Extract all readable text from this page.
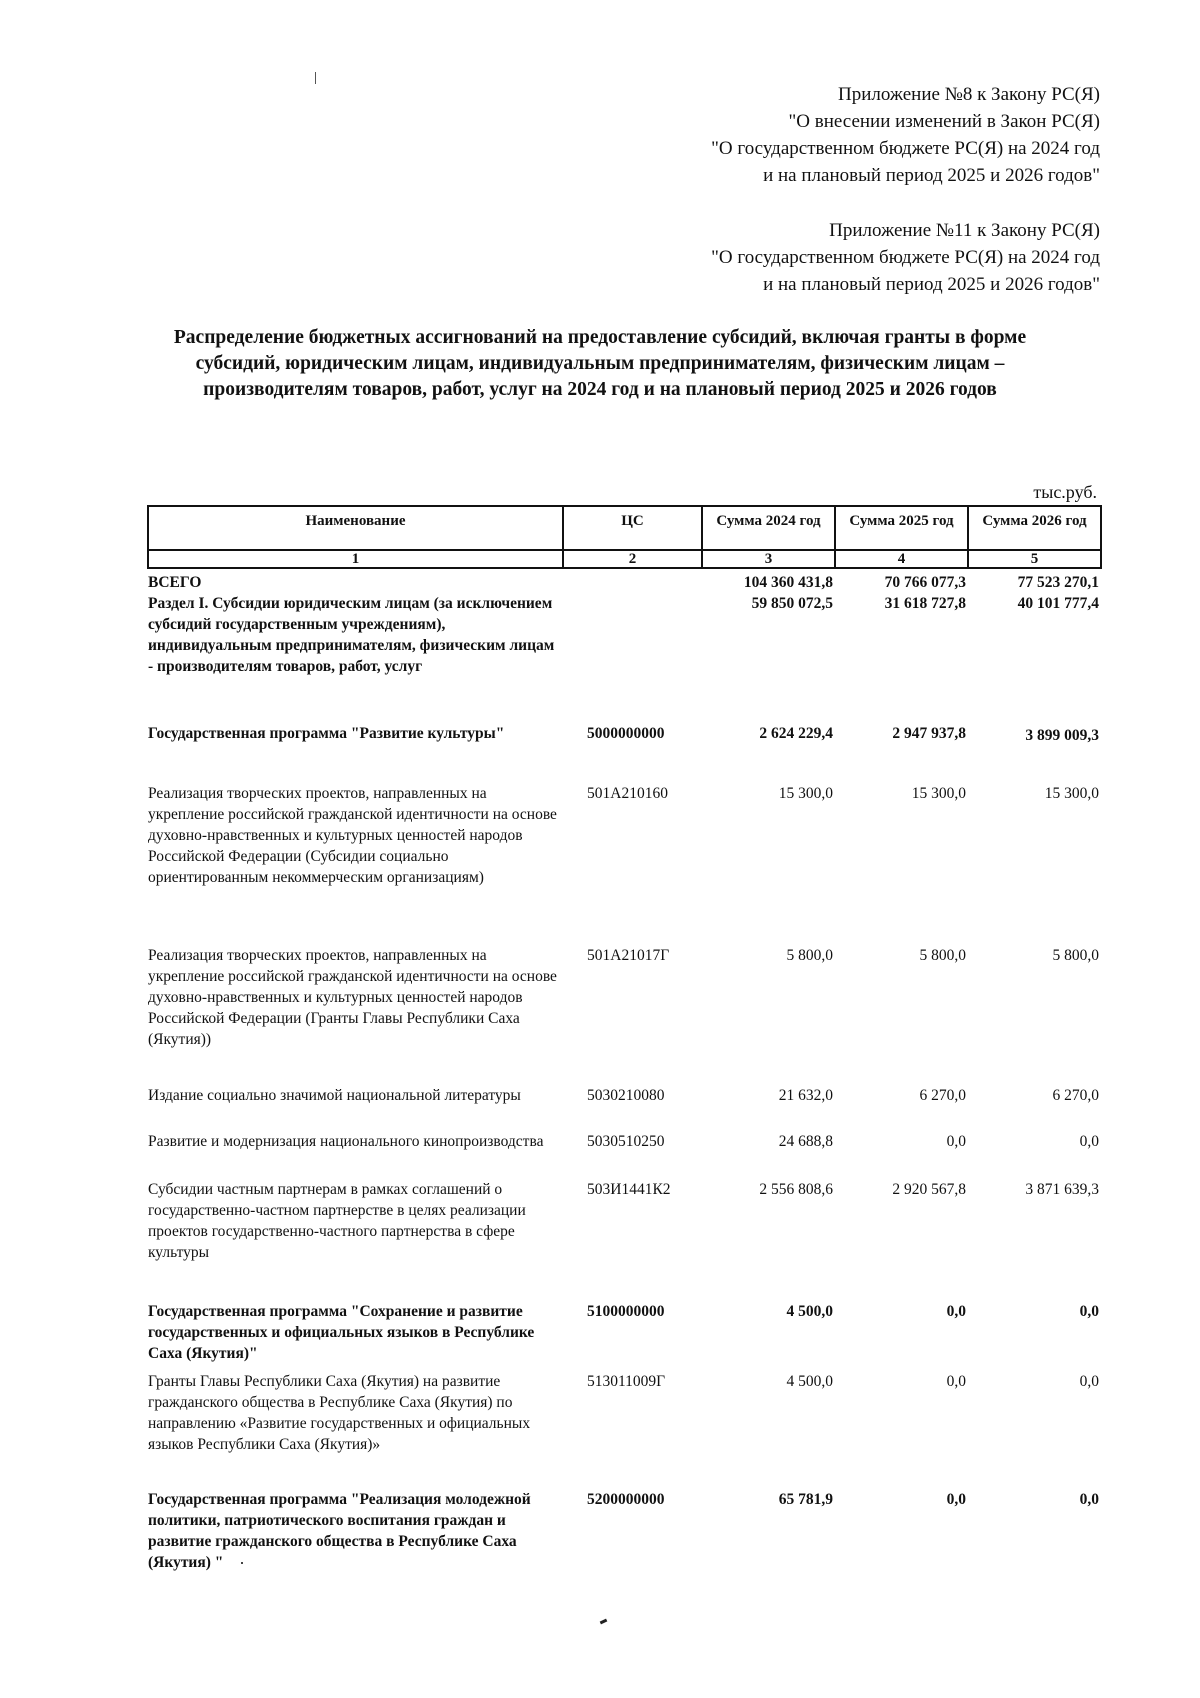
Приложение №8 к Закону РС(Я)
"О внесении изменений в Закон РС(Я)
"О государственном бюджете РС(Я) на 2024 год
и на плановый период 2025 и 2026 годов"
Приложение №11 к Закону РС(Я)
"О государственном бюджете РС(Я) на 2024 год
и на плановый период 2025 и 2026 годов"
Распределение бюджетных ассигнований на предоставление субсидий, включая гранты в форме
субсидий, юридическим лицам, индивидуальным предпринимателям, физическим лицам –
производителям товаров, работ, услуг на 2024 год и на плановый период 2025 и 2026 годов
тыс.руб.
Наименование	ЦС	Сумма 2024 год	Сумма 2025 год	Сумма 2026 год
1	2	3	4	5
ВСЕГО		104 360 431,8	70 766 077,3	77 523 270,1
Раздел I. Субсидии юридическим лицам (за исключением субсидий государственным учреждениям), индивидуальным предпринимателям, физическим лицам - производителям товаров, работ, услуг		59 850 072,5	31 618 727,8	40 101 777,4
Государственная программа "Развитие культуры"	5000000000	2 624 229,4	2 947 937,8	3 899 009,3
Реализация творческих проектов, направленных на укрепление российской гражданской идентичности на основе духовно-нравственных и культурных ценностей народов Российской Федерации (Субсидии социально ориентированным некоммерческим организациям)	501A210160	15 300,0	15 300,0	15 300,0
Реализация творческих проектов, направленных на укрепление российской гражданской идентичности на основе духовно-нравственных и культурных ценностей народов Российской Федерации (Гранты Главы Республики Саха (Якутия))	501A21017Г	5 800,0	5 800,0	5 800,0
Издание социально значимой национальной литературы	5030210080	21 632,0	6 270,0	6 270,0
Развитие и модернизация национального кинопроизводства	5030510250	24 688,8	0,0	0,0
Субсидии частным партнерам в рамках соглашений о государственно-частном партнерстве в целях реализации проектов государственно-частного партнерства в сфере культуры	503И1441К2	2 556 808,6	2 920 567,8	3 871 639,3
Государственная программа "Сохранение и развитие государственных и официальных языков в Республике Саха (Якутия)"	5100000000	4 500,0	0,0	0,0
Гранты Главы Республики Саха (Якутия) на развитие гражданского общества в Республике Саха (Якутия) по направлению «Развитие государственных и официальных языков Республики Саха (Якутия)»	513011009Г	4 500,0	0,0	0,0
Государственная программа "Реализация молодежной политики, патриотического воспитания граждан и развитие гражданского общества в Республике Саха (Якутия) "	5200000000	65 781,9	0,0	0,0
